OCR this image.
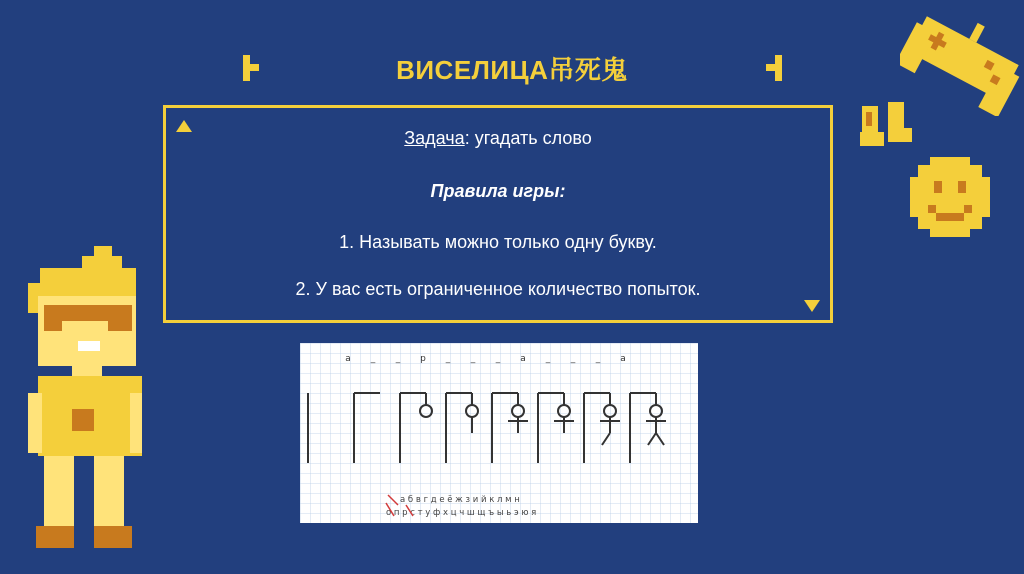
ВИСЕЛИЦА吊死鬼
Задача: угадать слово
Правила игры:
1. Называть можно только одну букву.
2. У вас есть ограниченное количество попыток.
а _ _ р _ _ _ а _ _ _ а
а б в г д е ё ж з и й к л м н
о п р с т у ф х ц ч ш щ ъ ы ь э ю я
